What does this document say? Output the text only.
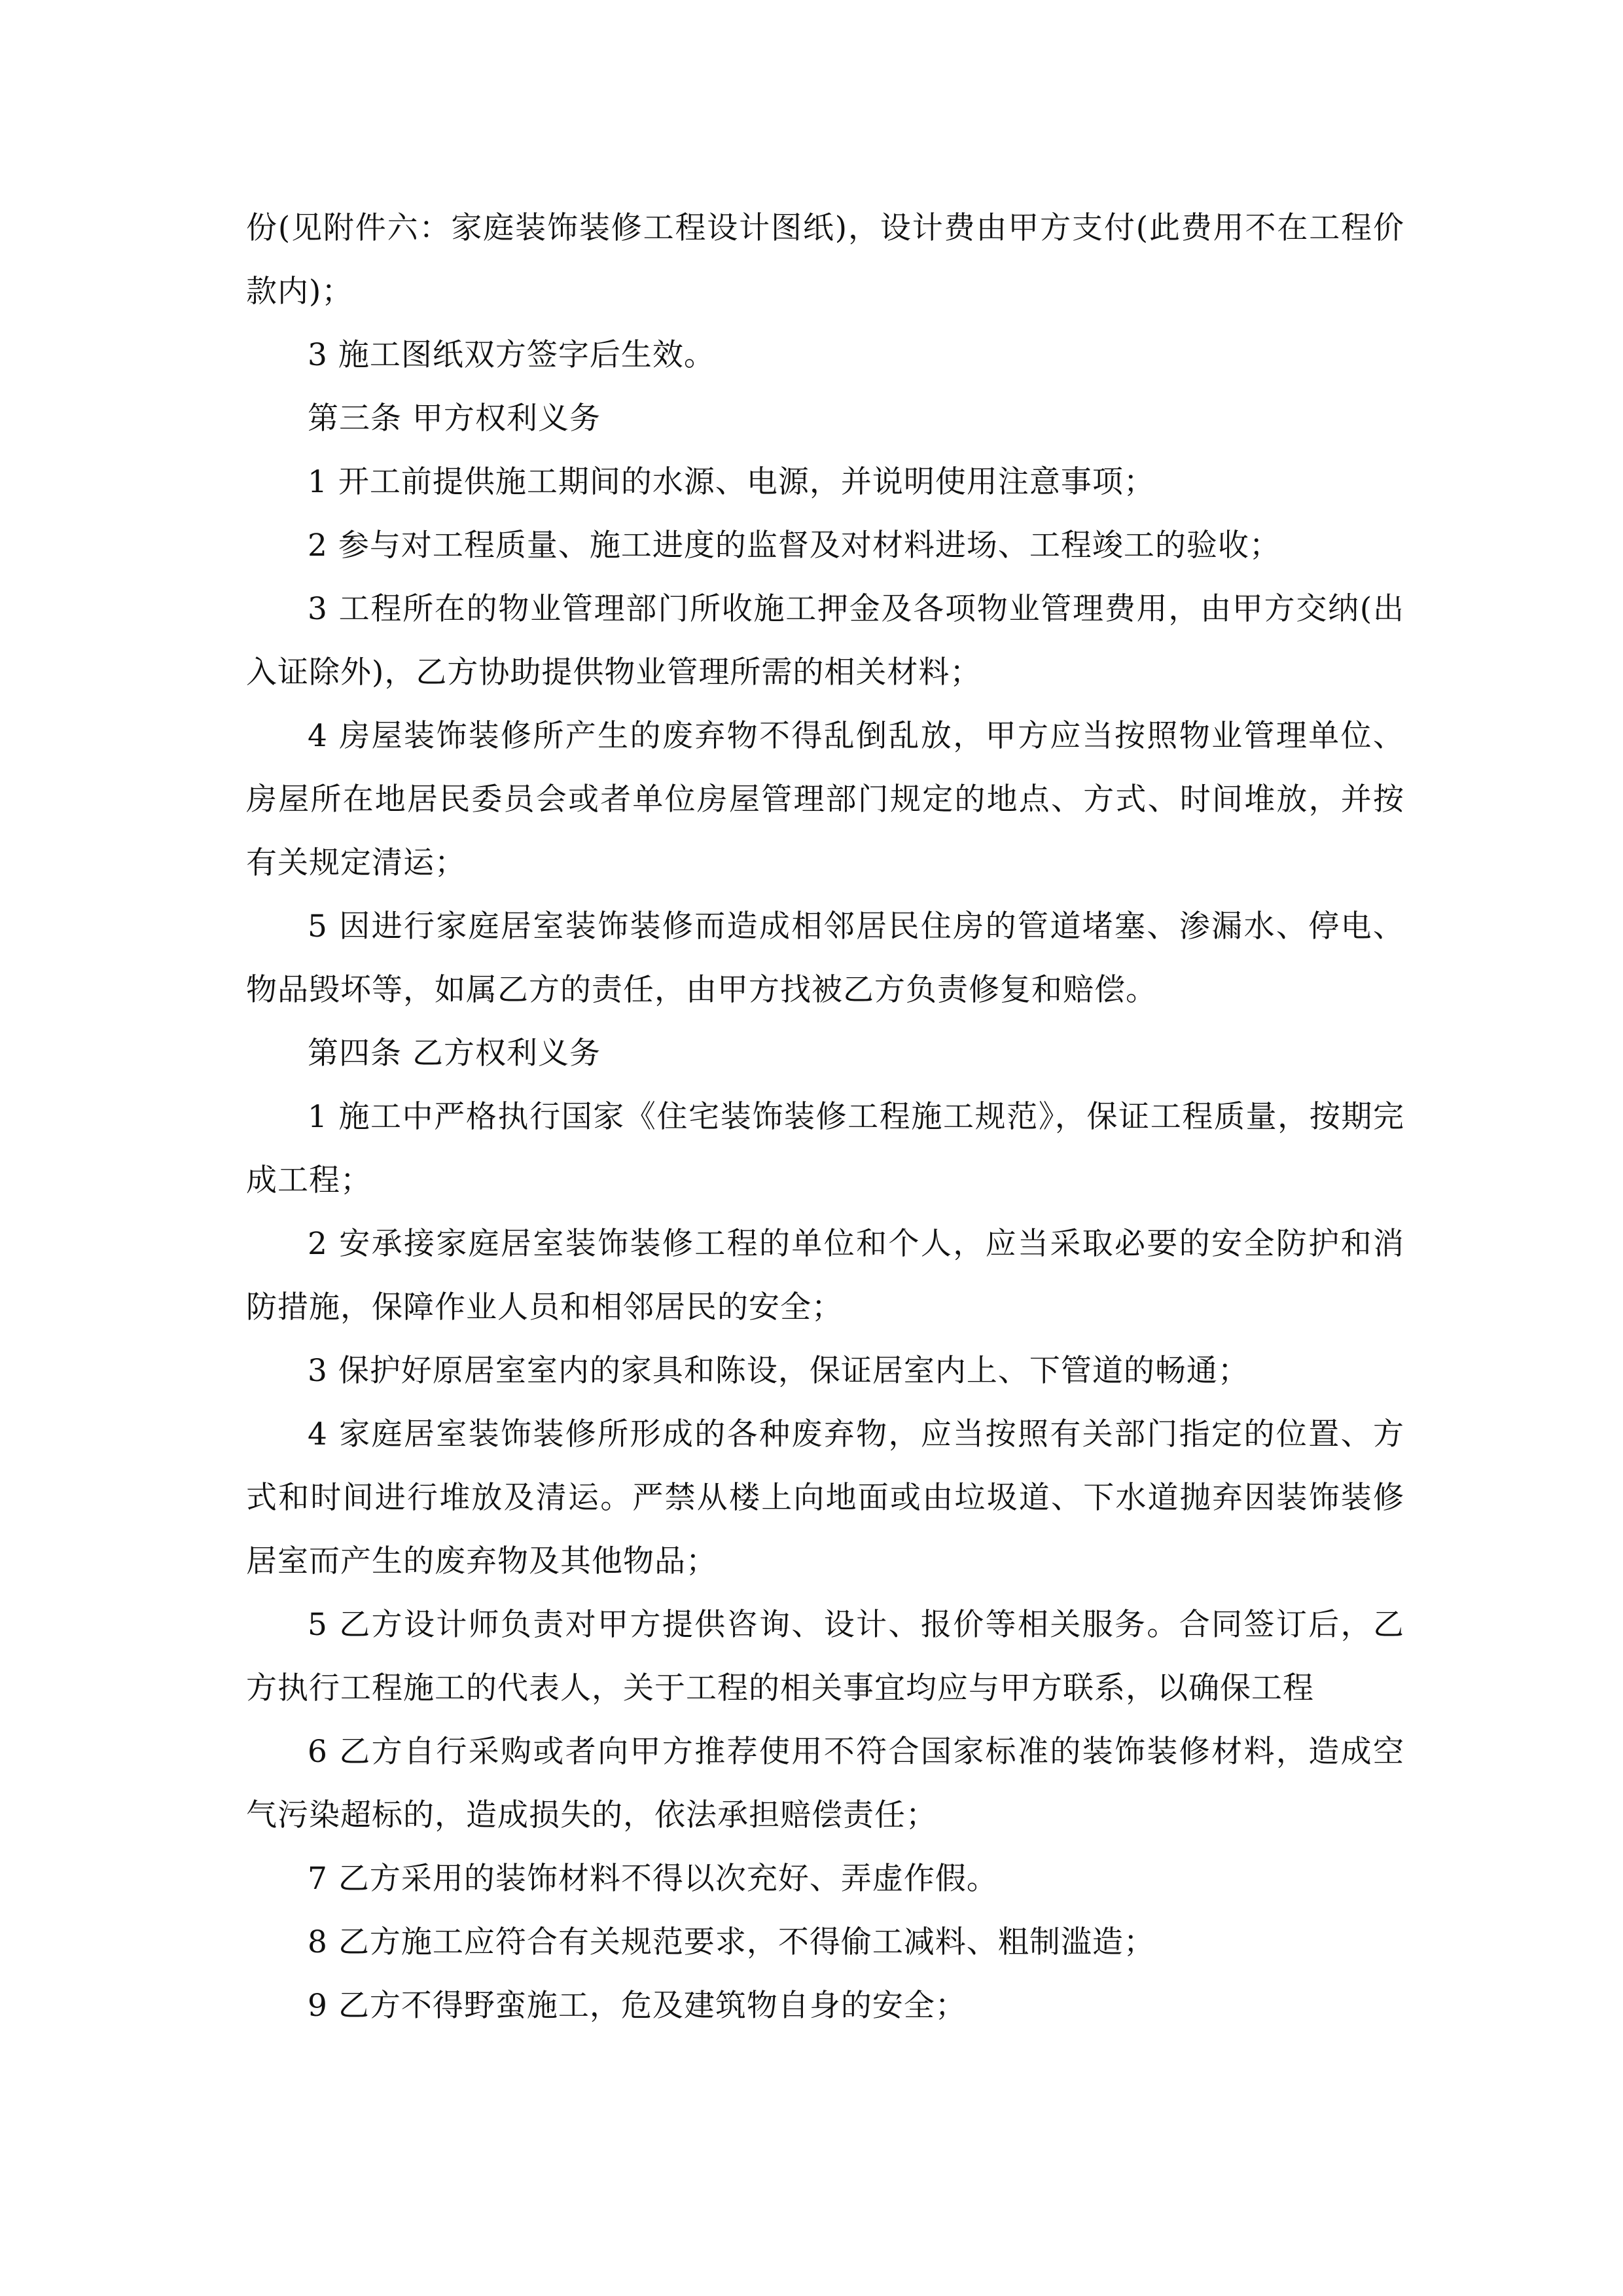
份(见附件六：家庭装饰装修工程设计图纸)，设计费由甲方支付(此费用不在工程价款内)；

3 施工图纸双方签字后生效。

第三条 甲方权利义务

1 开工前提供施工期间的水源、电源，并说明使用注意事项；

2 参与对工程质量、施工进度的监督及对材料进场、工程竣工的验收；

3 工程所在的物业管理部门所收施工押金及各项物业管理费用，由甲方交纳(出入证除外)，乙方协助提供物业管理所需的相关材料；

4 房屋装饰装修所产生的废弃物不得乱倒乱放，甲方应当按照物业管理单位、房屋所在地居民委员会或者单位房屋管理部门规定的地点、方式、时间堆放，并按有关规定清运；

5 因进行家庭居室装饰装修而造成相邻居民住房的管道堵塞、渗漏水、停电、物品毁坏等，如属乙方的责任，由甲方找被乙方负责修复和赔偿。

第四条 乙方权利义务

1 施工中严格执行国家《住宅装饰装修工程施工规范》，保证工程质量，按期完成工程；

2 安承接家庭居室装饰装修工程的单位和个人，应当采取必要的安全防护和消防措施，保障作业人员和相邻居民的安全；

3 保护好原居室室内的家具和陈设，保证居室内上、下管道的畅通；

4 家庭居室装饰装修所形成的各种废弃物，应当按照有关部门指定的位置、方式和时间进行堆放及清运。严禁从楼上向地面或由垃圾道、下水道抛弃因装饰装修居室而产生的废弃物及其他物品；

5 乙方设计师负责对甲方提供咨询、设计、报价等相关服务。合同签订后，乙方执行工程施工的代表人，关于工程的相关事宜均应与甲方联系，以确保工程

6 乙方自行采购或者向甲方推荐使用不符合国家标准的装饰装修材料，造成空气污染超标的，造成损失的，依法承担赔偿责任；

7 乙方采用的装饰材料不得以次充好、弄虚作假。

8 乙方施工应符合有关规范要求，不得偷工减料、粗制滥造；

9 乙方不得野蛮施工，危及建筑物自身的安全；
